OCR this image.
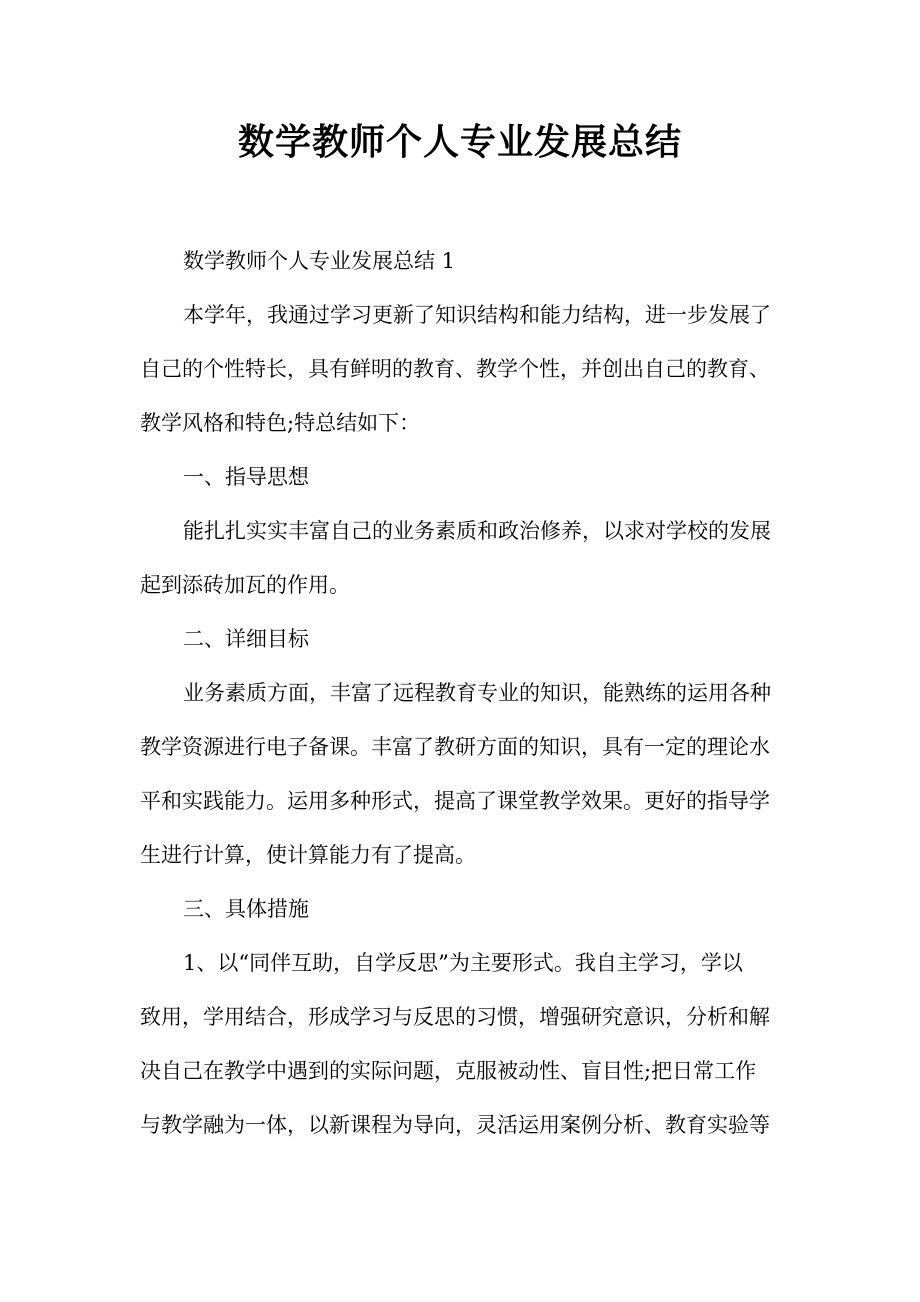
数学教师个人专业发展总结

数学教师个人专业发展总结 1

本学年，我通过学习更新了知识结构和能力结构，进一步发展了

自己的个性特长，具有鲜明的教育、教学个性，并创出自己的教育、

教学风格和特色;特总结如下：

一、指导思想

能扎扎实实丰富自己的业务素质和政治修养，以求对学校的发展

起到添砖加瓦的作用。

二、详细目标

业务素质方面，丰富了远程教育专业的知识，能熟练的运用各种

教学资源进行电子备课。丰富了教研方面的知识，具有一定的理论水

平和实践能力。运用多种形式，提高了课堂教学效果。更好的指导学

生进行计算，使计算能力有了提高。

三、具体措施

1、以“同伴互助，自学反思”为主要形式。我自主学习，学以

致用，学用结合，形成学习与反思的习惯，增强研究意识，分析和解

决自己在教学中遇到的实际问题，克服被动性、盲目性;把日常工作

与教学融为一体，以新课程为导向，灵活运用案例分析、教育实验等
